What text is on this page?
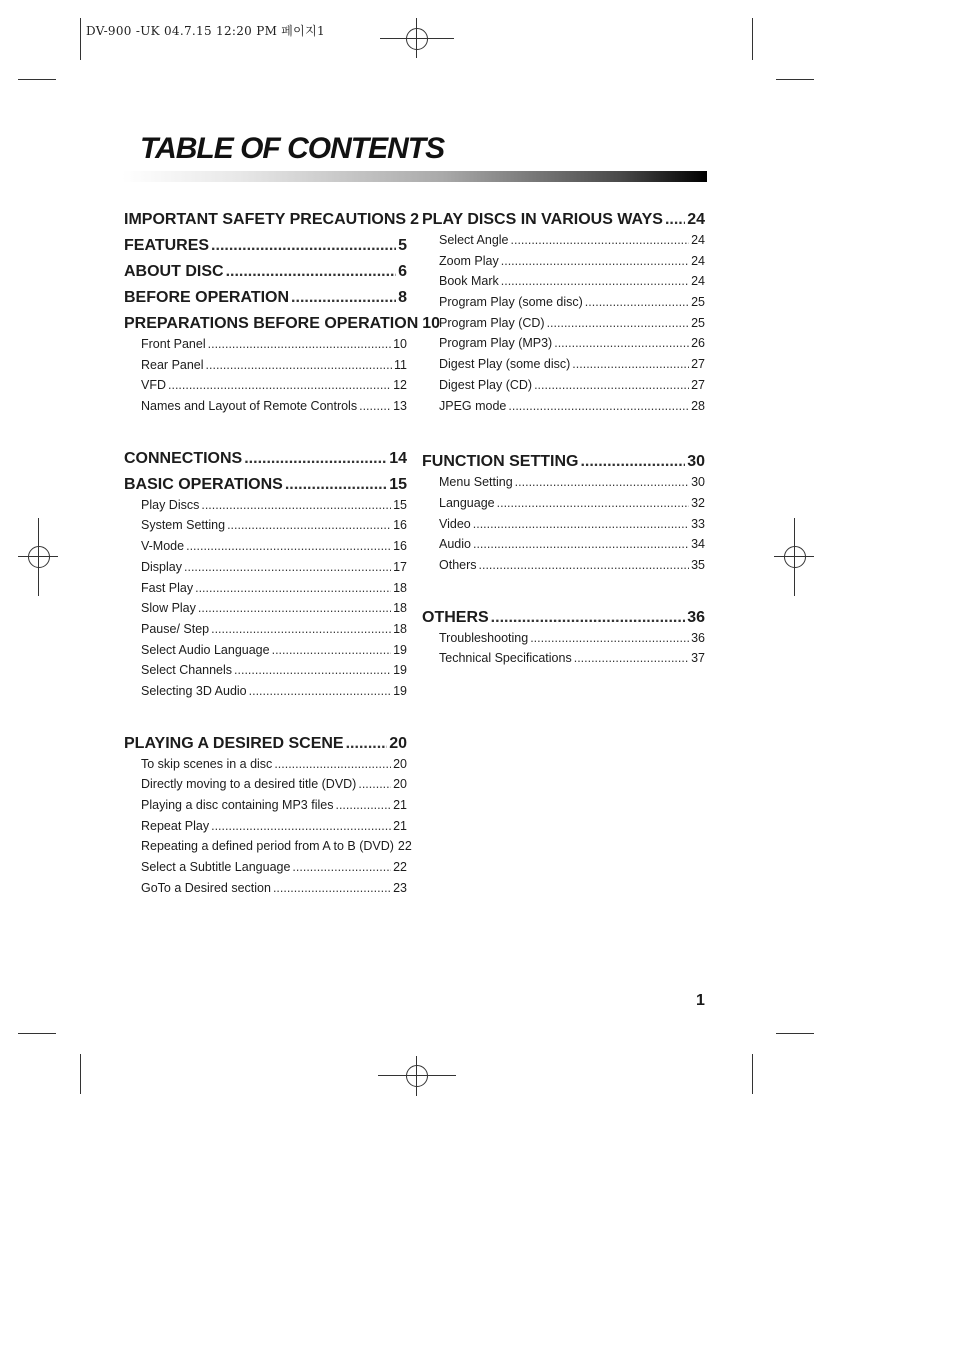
DV-900 -UK 04.7.15 12:20 PM 페이지1
TABLE OF CONTENTS
IMPORTANT SAFETY PRECAUTIONS 2
FEATURES .....	5
ABOUT DISC .....	6
BEFORE OPERATION .....	8
PREPARATIONS BEFORE OPERATION 10
Front Panel .....	10
Rear Panel .....	11
VFD .....	12
Names and Layout of Remote Controls .....	13
CONNECTIONS .....	14
BASIC OPERATIONS .....	15
Play Discs .....	15
System Setting .....	16
V-Mode .....	16
Display .....	17
Fast Play .....	18
Slow Play .....	18
Pause/ Step .....	18
Select Audio Language .....	19
Select Channels .....	19
Selecting 3D Audio .....	19
PLAYING A DESIRED SCENE .....	20
To skip scenes in a disc .....	20
Directly moving to a desired title (DVD) .....	20
Playing a disc containing MP3 files .....	21
Repeat Play .....	21
Repeating a defined period from A to B (DVD) 22
Select a Subtitle Language .....	22
GoTo a Desired section .....	23
PLAY DISCS IN VARIOUS WAYS ..... 24
Select Angle .....	24
Zoom Play .....	24
Book Mark .....	24
Program Play (some disc) .....	25
Program Play (CD) .....	25
Program Play (MP3) .....	26
Digest Play (some disc) .....	27
Digest Play (CD) .....	27
JPEG mode .....	28
FUNCTION SETTING .....	30
Menu Setting .....	30
Language .....	32
Video .....	33
Audio .....	34
Others .....	35
OTHERS .....	36
Troubleshooting .....	36
Technical Specifications .....	37
1
